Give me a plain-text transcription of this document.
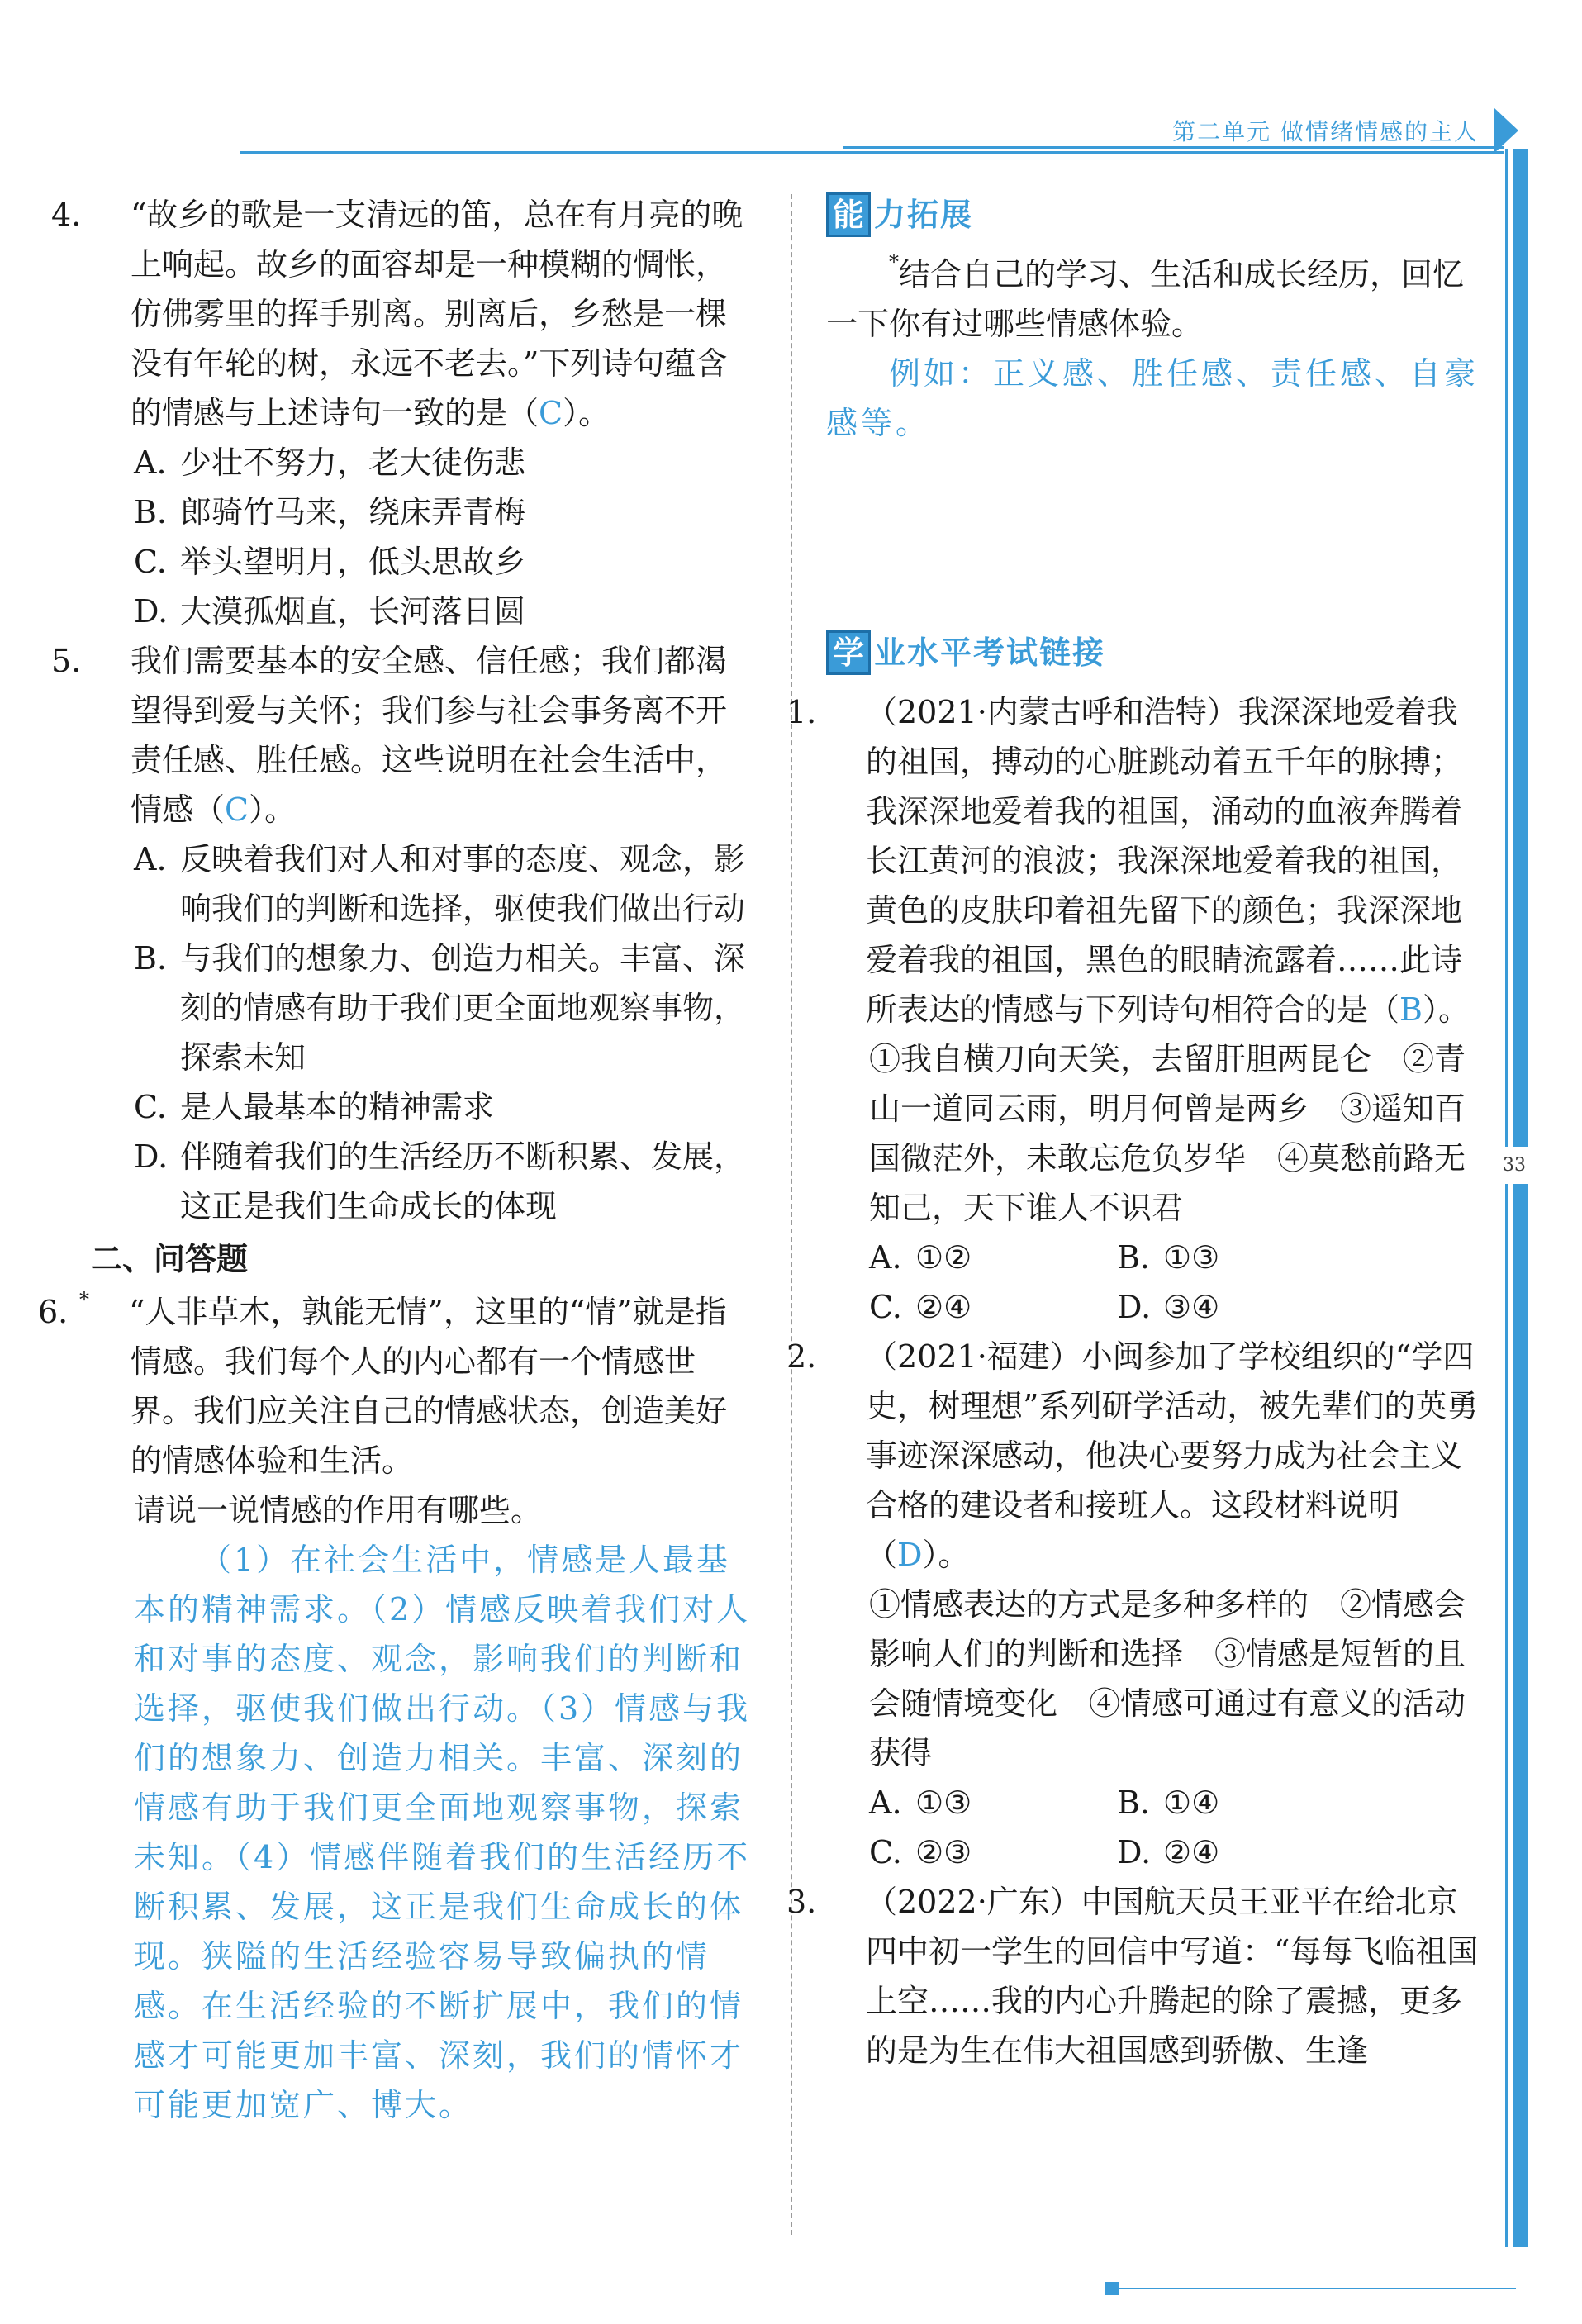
第二单元 做情绪情感的主人
33
4. “故乡的歌是一支清远的笛，总在有月亮的晚上响起。故乡的面容却是一种模糊的惆怅，仿佛雾里的挥手别离。别离后，乡愁是一棵没有年轮的树，永远不老去。”下列诗句蕴含的情感与上述诗句一致的是（C）。
A. 少壮不努力，老大徒伤悲
B. 郎骑竹马来，绕床弄青梅
C. 举头望明月，低头思故乡
D. 大漠孤烟直，长河落日圆
5. 我们需要基本的安全感、信任感；我们都渴望得到爱与关怀；我们参与社会事务离不开责任感、胜任感。这些说明在社会生活中，情感（C）。
A. 反映着我们对人和对事的态度、观念，影响我们的判断和选择，驱使我们做出行动
B. 与我们的想象力、创造力相关。丰富、深刻的情感有助于我们更全面地观察事物，探索未知
C. 是人最基本的精神需求
D. 伴随着我们的生活经历不断积累、发展，这正是我们生命成长的体现
二、问答题
*6. “人非草木，孰能无情”，这里的“情”就是指情感。我们每个人的内心都有一个情感世界。我们应关注自己的情感状态，创造美好的情感体验和生活。
请说一说情感的作用有哪些。
（1）在社会生活中，情感是人最基本的精神需求。（2）情感反映着我们对人和对事的态度、观念，影响我们的判断和选择，驱使我们做出行动。（3）情感与我们的想象力、创造力相关。丰富、深刻的情感有助于我们更全面地观察事物，探索未知。（4）情感伴随着我们的生活经历不断积累、发展，这正是我们生命成长的体现。狭隘的生活经验容易导致偏执的情感。在生活经验的不断扩展中，我们的情感才可能更加丰富、深刻，我们的情怀才可能更加宽广、博大。
能 力拓展
*结合自己的学习、生活和成长经历，回忆一下你有过哪些情感体验。
例如：正义感、胜任感、责任感、自豪感等。
学 业水平考试链接
1. （2021·内蒙古呼和浩特）我深深地爱着我的祖国，搏动的心脏跳动着五千年的脉搏；我深深地爱着我的祖国，涌动的血液奔腾着长江黄河的浪波；我深深地爱着我的祖国，黄色的皮肤印着祖先留下的颜色；我深深地爱着我的祖国，黑色的眼睛流露着……此诗所表达的情感与下列诗句相符合的是（B）。
①我自横刀向天笑，去留肝胆两昆仑　②青山一道同云雨，明月何曾是两乡　③遥知百国微茫外，未敢忘危负岁华　④莫愁前路无知己，天下谁人不识君
A. ①②	B. ①③
C. ②④	D. ③④
2. （2021·福建）小闽参加了学校组织的“学四史，树理想”系列研学活动，被先辈们的英勇事迹深深感动，他决心要努力成为社会主义合格的建设者和接班人。这段材料说明（D）。
①情感表达的方式是多种多样的　②情感会影响人们的判断和选择　③情感是短暂的且会随情境变化　④情感可通过有意义的活动获得
A. ①③	B. ①④
C. ②③	D. ②④
3. （2022·广东）中国航天员王亚平在给北京四中初一学生的回信中写道：“每每飞临祖国上空……我的内心升腾起的除了震撼，更多的是为生在伟大祖国感到骄傲、生逢
